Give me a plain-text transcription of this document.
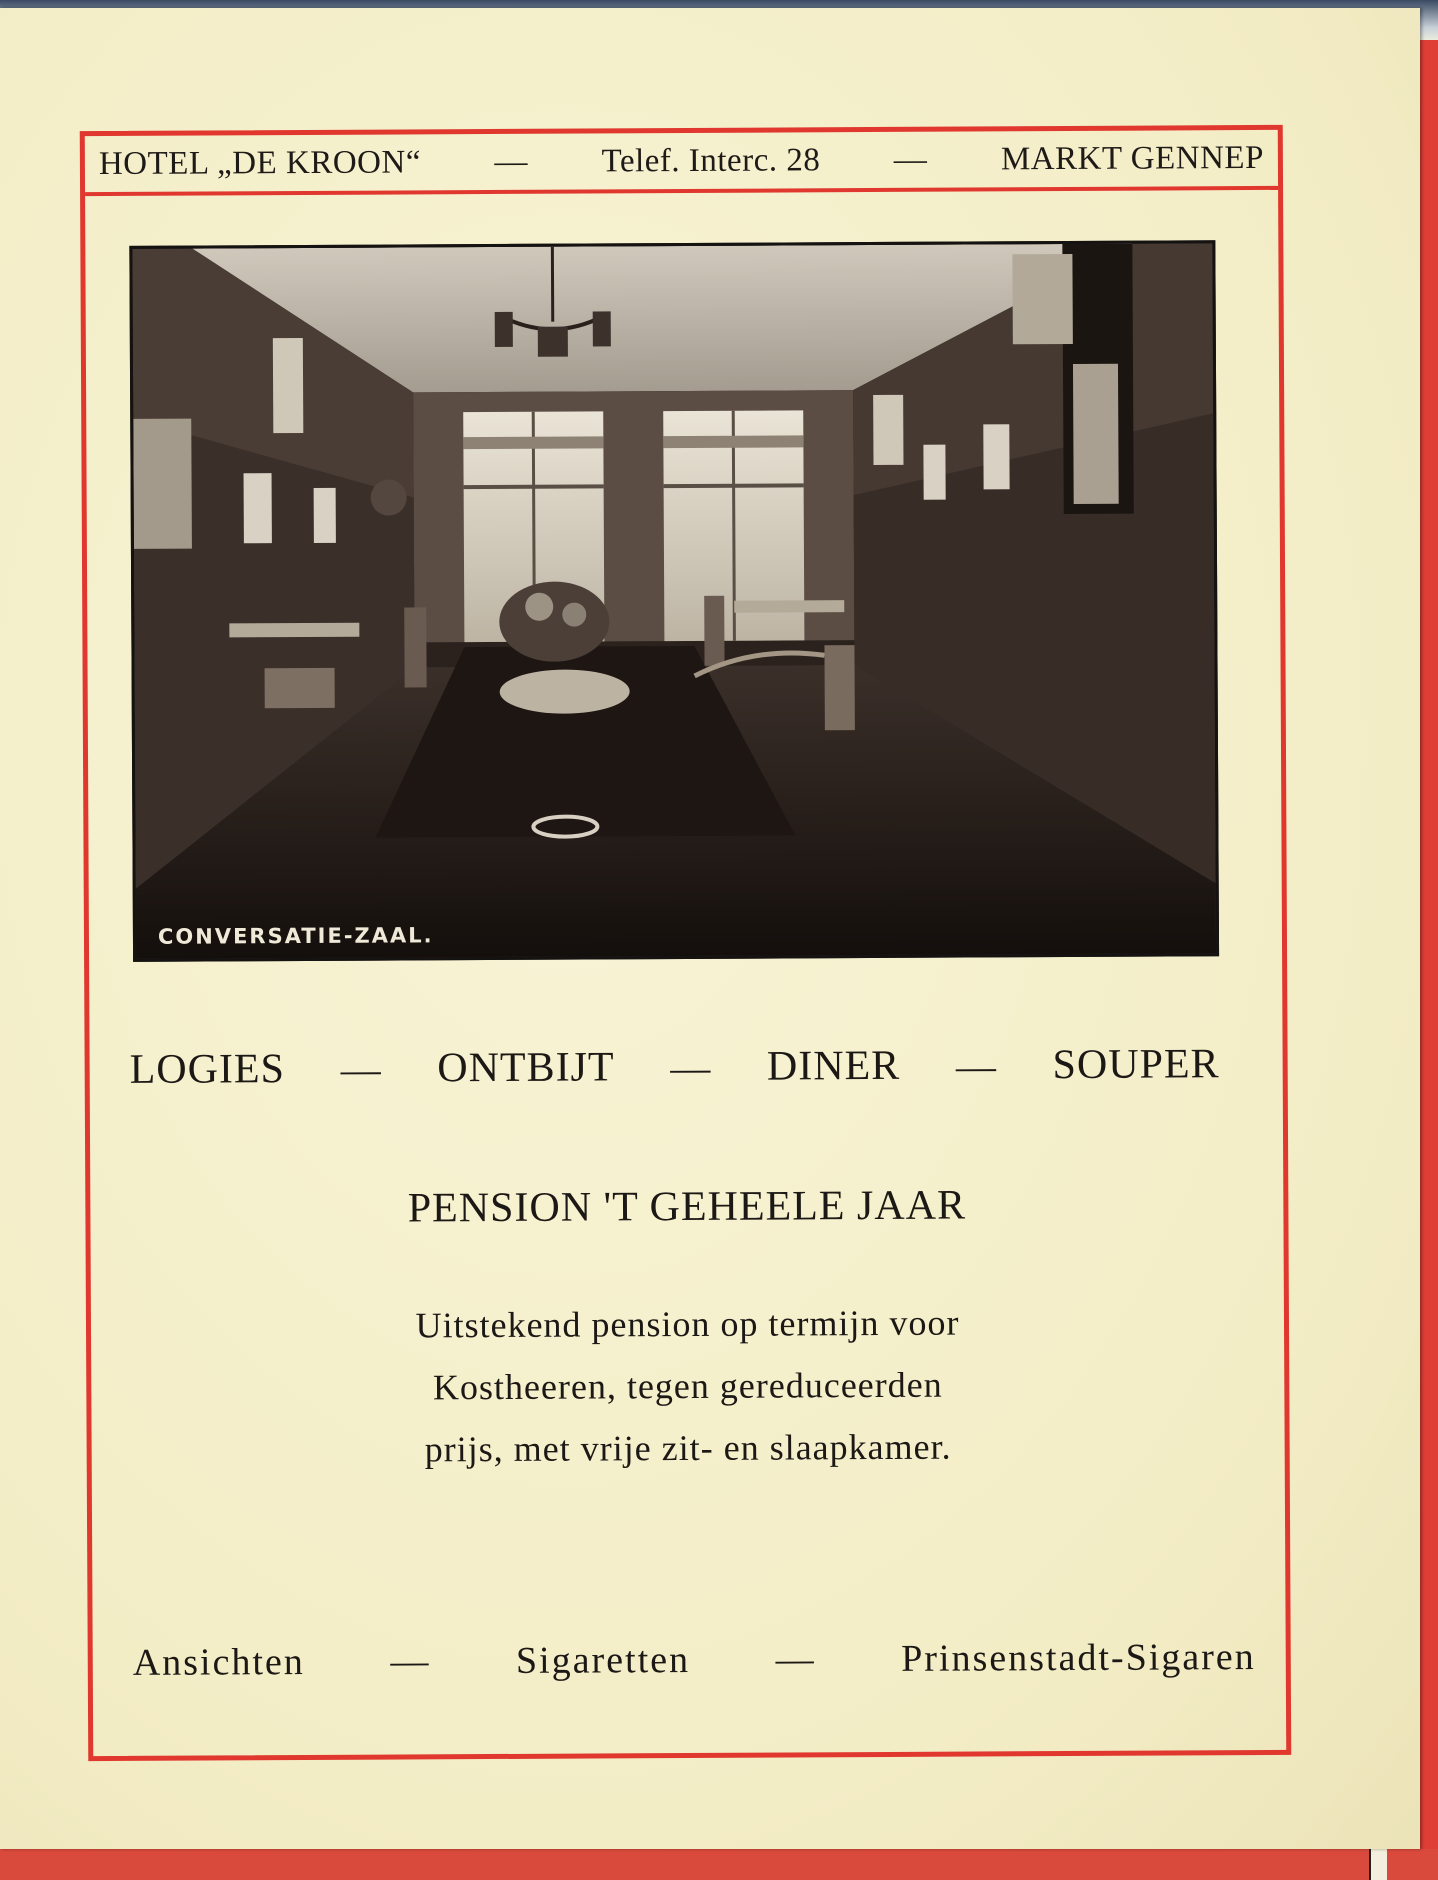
HOTEL „DE KROON“ — Telef. Interc. 28 — MARKT GENNEP
CONVERSATIE-ZAAL.
LOGIES — ONTBIJT — DINER — SOUPER
PENSION 'T GEHEELE JAAR
Uitstekend pension op termijn voor
Kostheeren, tegen gereduceerden
prijs, met vrije zit- en slaapkamer.
Ansichten — Sigaretten — Prinsenstadt-Sigaren
